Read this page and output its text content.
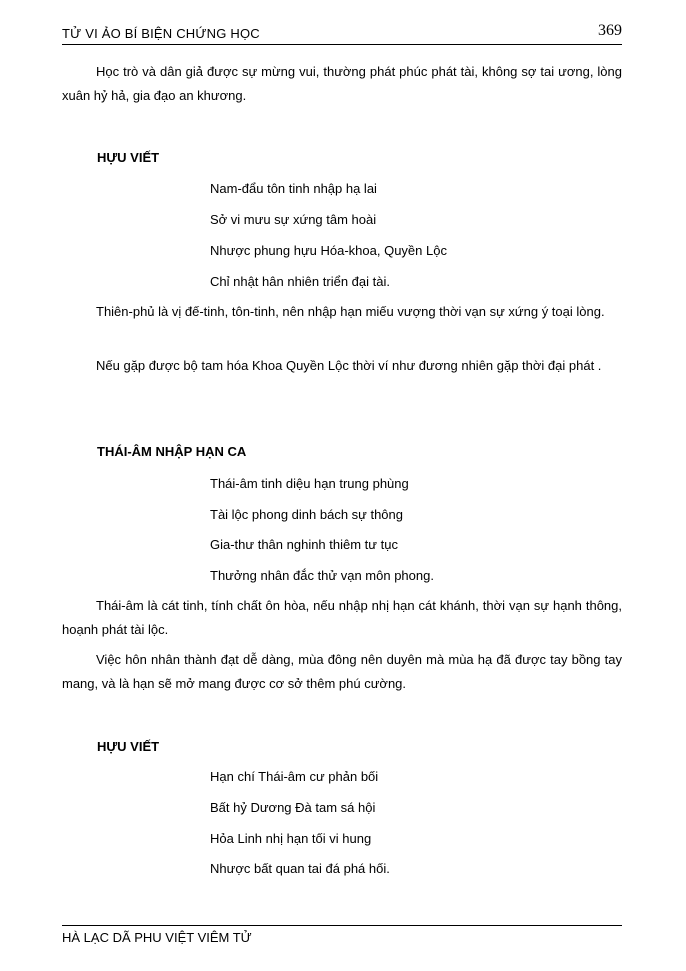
TỬ VI ẢO BÍ BIỆN CHỨNG HỌC	369

Học trò và dân giả được sự mừng vui, thường phát phúc phát tài, không sợ tai ương, lòng xuân hỷ hả, gia đạo an khương.

HỰU VIẾT

Nam-đẩu tôn tinh nhập hạ lai

Sở vi mưu sự xứng tâm hoài

Nhược phung hựu Hóa-khoa, Quyền Lộc

Chỉ nhật hân nhiên triển đại tài.

Thiên-phủ là vị đế-tinh, tôn-tinh, nên nhập hạn miếu vượng thời vạn sự xứng ý toại lòng.

Nếu gặp được bộ tam hóa Khoa Quyền Lộc thời ví như đương nhiên gặp thời đại phát .

THÁI-ÂM NHẬP HẠN CA

Thái-âm tinh diệu hạn trung phùng

Tài lộc phong dinh bách sự thông

Gia-thư thân nghinh thiêm tư tục

Thưởng nhân đắc thử vạn môn phong.

Thái-âm là cát tinh, tính chất ôn hòa, nếu nhập nhị hạn cát khánh, thời vạn sự hạnh thông, hoạnh phát tài lộc.

Việc hôn nhân thành đạt dễ dàng, mùa đông nên duyên mà mùa hạ đã được tay bồng tay mang, và là hạn sẽ mở mang được cơ sở thêm phú cường.

HỰU VIẾT

Hạn chí Thái-âm cư phản bối

Bất hỷ Dương Đà tam sá hội

Hỏa Linh nhị hạn tối vi hung

Nhược bất quan tai đá phá hối.

HÀ LẠC DÃ PHU VIỆT VIÊM TỬ
